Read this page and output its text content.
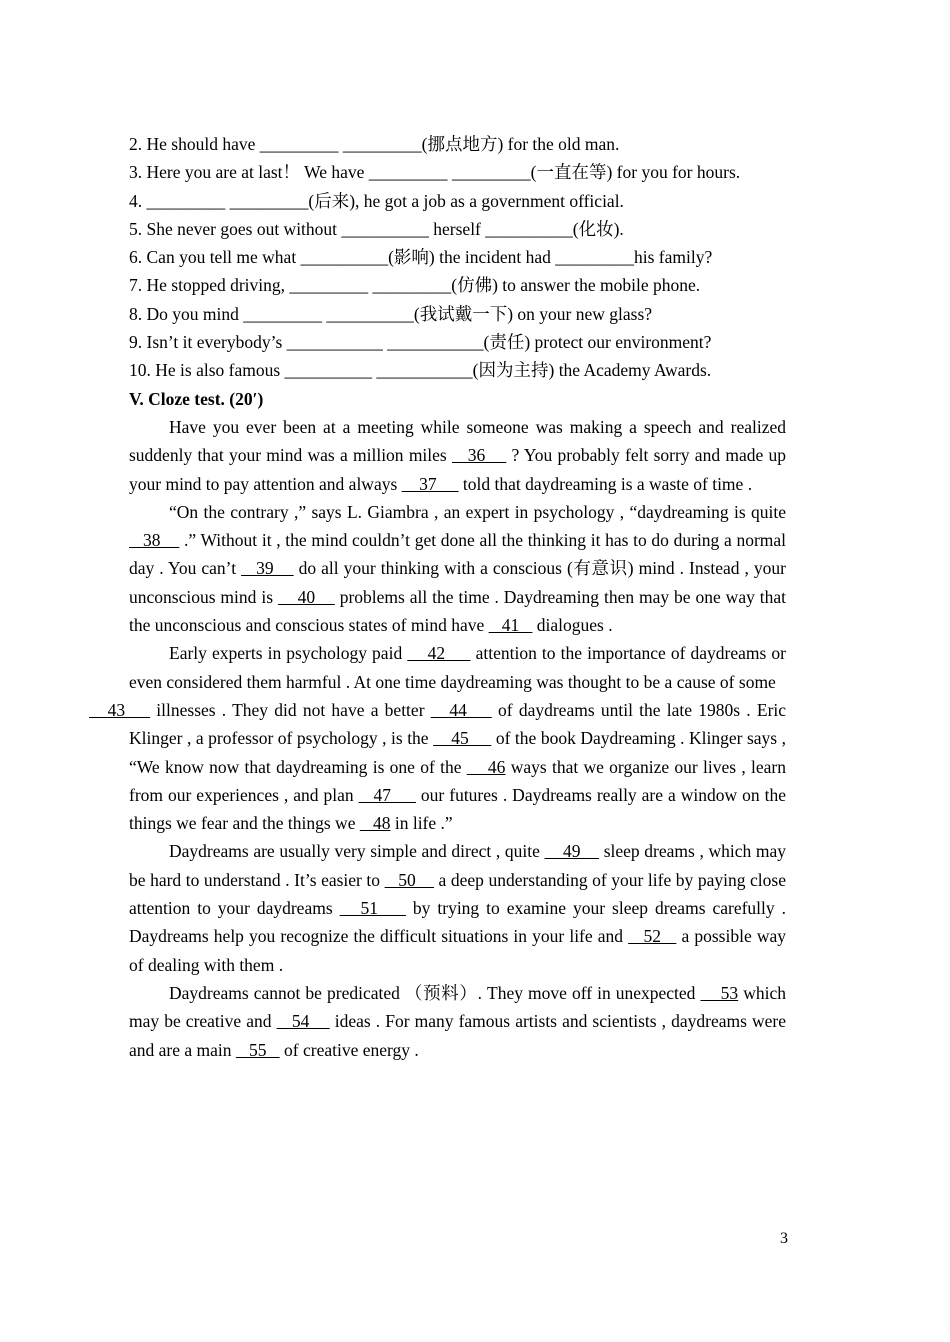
2. He should have _________ _________(挪点地方) for the old man.
3. Here you are at last！ We have _________ _________(一直在等) for you for hours.
4. _________ _________(后来), he got a job as a government official.
5. She never goes out without __________ herself __________(化妆).
6. Can you tell me what __________(影响) the incident had _________his family?
7. He stopped driving, _________ _________(仿佛) to answer the mobile phone.
8. Do you mind _________ __________(我试戴一下) on your new glass?
9. Isn’t it everybody’s ___________ ___________(责任) protect our environment?
10. He is also famous __________ ___________(因为主持) the Academy Awards.
V. Cloze test. (20′)
Have you ever been at a meeting while someone was making a speech and realized suddenly that your mind was a million miles    36     ? You probably felt sorry and made up your mind to pay attention and always     37      told that daydreaming is a waste of time .
“On the contrary ,” says L. Giambra , an expert in psychology , “daydreaming is quite    38     .” Without it , the mind couldn’t get done all the thinking it has to do during a normal day . You can’t    39     do all your thinking with a conscious (有意识) mind . Instead , your unconscious mind is     40     problems all the time . Daydreaming then may be one way that the unconscious and conscious states of mind have    41    dialogues .
Early experts in psychology paid     42      attention to the importance of daydreams or even considered them harmful . At one time daydreaming was thought to be a cause of some
43     illnesses . They did not have a better    44     of daydreams until the late 1980s . Eric Klinger , a professor of psychology , is the     45      of the book Daydreaming . Klinger says , “We know now that daydreaming is one of the     46 ways that we organize our lives , learn from our experiences , and plan    47      our futures . Daydreams really are a window on the things we fear and the things we    48 in life .”
Daydreams are usually very simple and direct , quite     49     sleep dreams , which may be hard to understand . It’s easier to    50     a deep understanding of your life by paying close attention to your daydreams    51     by trying to examine your sleep dreams carefully . Daydreams help you recognize the difficult situations in your life and    52    a possible way of dealing with them .
Daydreams cannot be predicated （预料）. They move off in unexpected     53 which may be creative and    54     ideas . For many famous artists and scientists , daydreams were and are a main    55    of creative energy .
3
